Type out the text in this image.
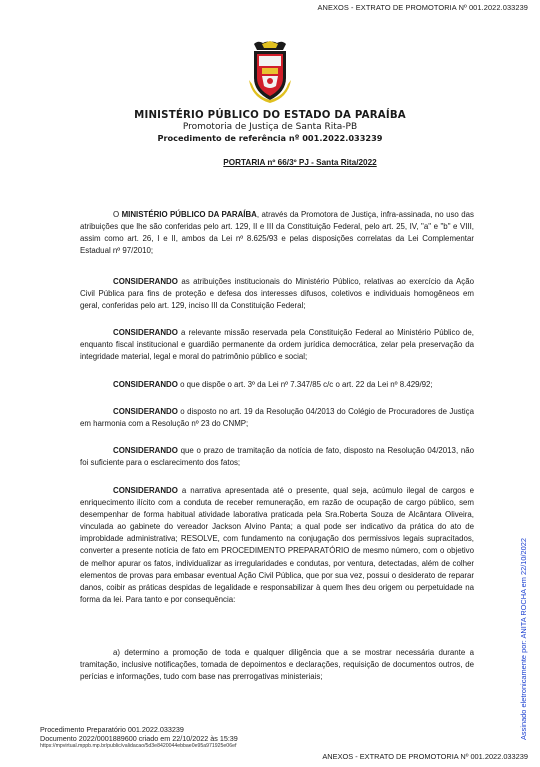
ANEXOS - EXTRATO DE PROMOTORIA Nº 001.2022.033239
MINISTÉRIO PÚBLICO DO ESTADO DA PARAÍBA
Promotoria de Justiça de Santa Rita-PB
Procedimento de referência nº 001.2022.033239
PORTARIA nº 66/3º PJ - Santa Rita/2022
O MINISTÉRIO PÚBLICO DA PARAÍBA, através da Promotora de Justiça, infra-assinada, no uso das atribuições que lhe são conferidas pelo art. 129, II e III da Constituição Federal, pelo art. 25, IV, "a" e "b" e VIII, assim como art. 26, I e II, ambos da Lei nº 8.625/93 e pelas disposições correlatas da Lei Complementar Estadual nº 97/2010;
CONSIDERANDO as atribuições institucionais do Ministério Público, relativas ao exercício da Ação Civil Pública para fins de proteção e defesa dos interesses difusos, coletivos e individuais homogêneos em geral, conferidas pelo art. 129, inciso III da Constituição Federal;
CONSIDERANDO a relevante missão reservada pela Constituição Federal ao Ministério Público de, enquanto fiscal institucional e guardião permanente da ordem jurídica democrática, zelar pela preservação da integridade material, legal e moral do patrimônio público e social;
CONSIDERANDO o que dispõe o art. 3º da Lei nº 7.347/85 c/c o art. 22 da Lei nº 8.429/92;
CONSIDERANDO o disposto no art. 19 da Resolução 04/2013 do Colégio de Procuradores de Justiça em harmonia com a Resolução nº 23 do CNMP;
CONSIDERANDO que o prazo de tramitação da notícia de fato, disposto na Resolução 04/2013, não foi suficiente para o esclarecimento dos fatos;
CONSIDERANDO a narrativa apresentada até o presente, qual seja, acúmulo ilegal de cargos e enriquecimento ilícito com a conduta de receber remuneração, em razão de ocupação de cargo público, sem desempenhar de forma habitual atividade laborativa praticada pela Sra.Roberta Souza de Alcântara Oliveira, vinculada ao gabinete do vereador Jackson Alvino Panta; a qual pode ser indicativo da prática do ato de improbidade administrativa; RESOLVE, com fundamento na conjugação dos permissivos legais supracitados, converter a presente notícia de fato em PROCEDIMENTO PREPARATÓRIO de mesmo número, com o objetivo de melhor apurar os fatos, individualizar as irregularidades e condutas, por ventura, detectadas, além de colher elementos de provas para embasar eventual Ação Civil Pública, que por sua vez, possui o desiderato de reparar danos, coibir as práticas despidas de legalidade e responsabilizar à quem lhes deu origem ou perpetuidade na forma da lei. Para tanto e por consequência:
a) determino a promoção de toda e qualquer diligência que a se mostrar necessária durante a tramitação, inclusive notificações, tomada de depoimentos e declarações, requisição de documentos outros, de perícias e informações, tudo com base nas prerrogativas ministeriais;	Assinado eletronicamente por: ANITA ROCHA em 22/10/2022
Procedimento Preparatório 001.2022.033239
Documento 2022/0001889600 criado em 22/10/2022 às 15:39
https://mpvirtual.mppb.mp.br/public/validacao/5d3e8420044ebbae0e95a971925e06ef
ANEXOS - EXTRATO DE PROMOTORIA Nº 001.2022.033239
